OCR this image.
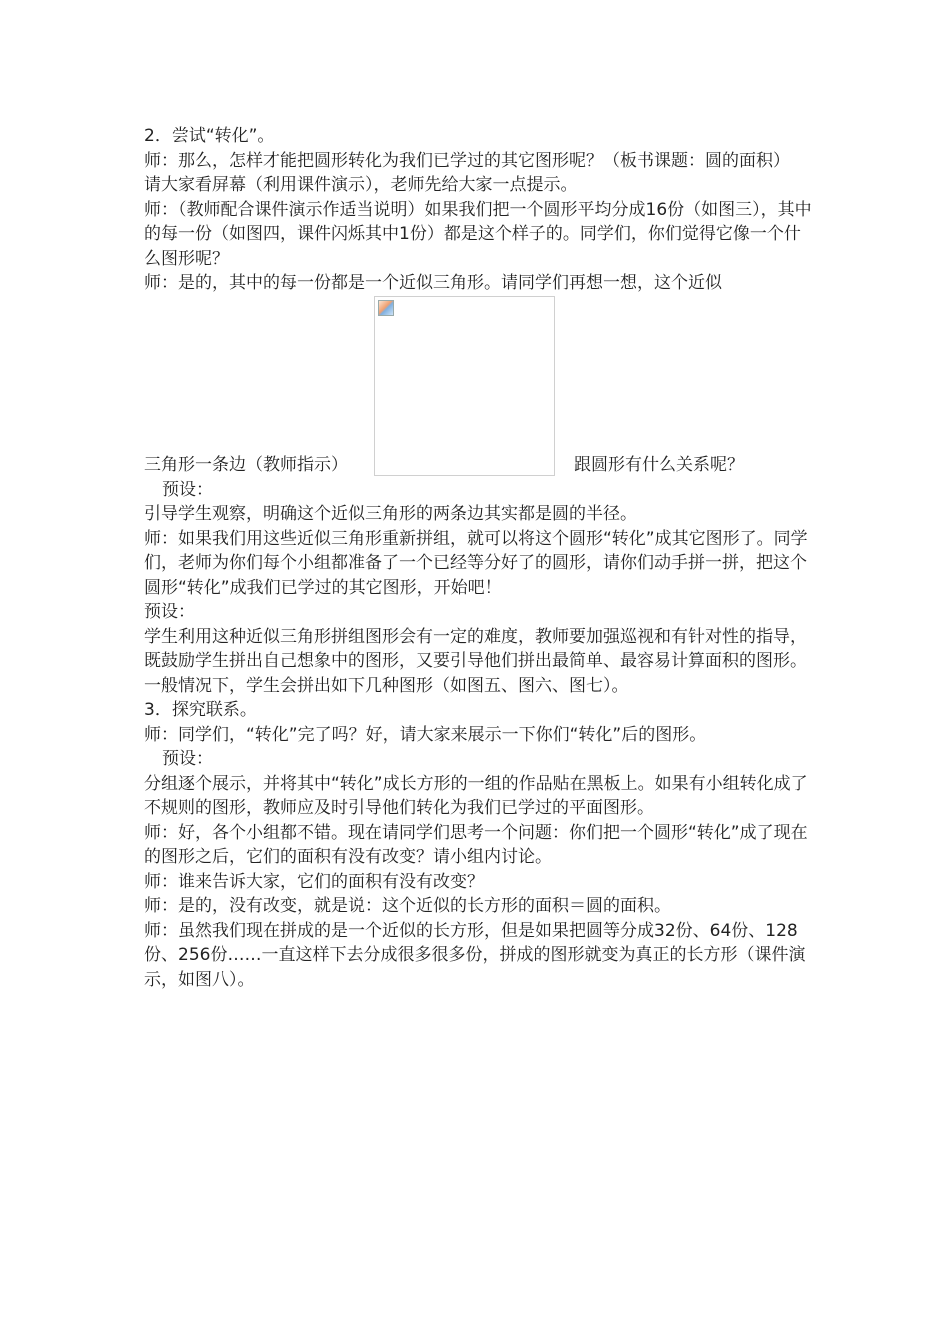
2．尝试“转化”。

师：那么，怎样才能把圆形转化为我们已学过的其它图形呢？（板书课题：圆的面积）

请大家看屏幕（利用课件演示），老师先给大家一点提示。

师：（教师配合课件演示作适当说明）如果我们把一个圆形平均分成16份（如图三），其中的每一份（如图四，课件闪烁其中1份）都是这个样子的。同学们，你们觉得它像一个什么图形呢？

师：是的，其中的每一份都是一个近似三角形。请同学们再想一想，这个近似

三角形一条边（教师指示）	跟圆形有什么关系呢？

预设：

引导学生观察，明确这个近似三角形的两条边其实都是圆的半径。

师：如果我们用这些近似三角形重新拼组，就可以将这个圆形“转化”成其它图形了。同学们，老师为你们每个小组都准备了一个已经等分好了的圆形，请你们动手拼一拼，把这个圆形“转化”成我们已学过的其它图形，开始吧！

预设：

学生利用这种近似三角形拼组图形会有一定的难度，教师要加强巡视和有针对性的指导，既鼓励学生拼出自己想象中的图形，又要引导他们拼出最简单、最容易计算面积的图形。一般情况下，学生会拼出如下几种图形（如图五、图六、图七）。

3．探究联系。

师：同学们，“转化”完了吗？好，请大家来展示一下你们“转化”后的图形。

预设：

分组逐个展示，并将其中“转化”成长方形的一组的作品贴在黑板上。如果有小组转化成了不规则的图形，教师应及时引导他们转化为我们已学过的平面图形。

师：好，各个小组都不错。现在请同学们思考一个问题：你们把一个圆形“转化”成了现在的图形之后，它们的面积有没有改变？请小组内讨论。

师：谁来告诉大家，它们的面积有没有改变？

师：是的，没有改变，就是说：这个近似的长方形的面积＝圆的面积。

师：虽然我们现在拼成的是一个近似的长方形，但是如果把圆等分成32份、64份、128份、256份……一直这样下去分成很多很多份，拼成的图形就变为真正的长方形（课件演示，如图八）。
